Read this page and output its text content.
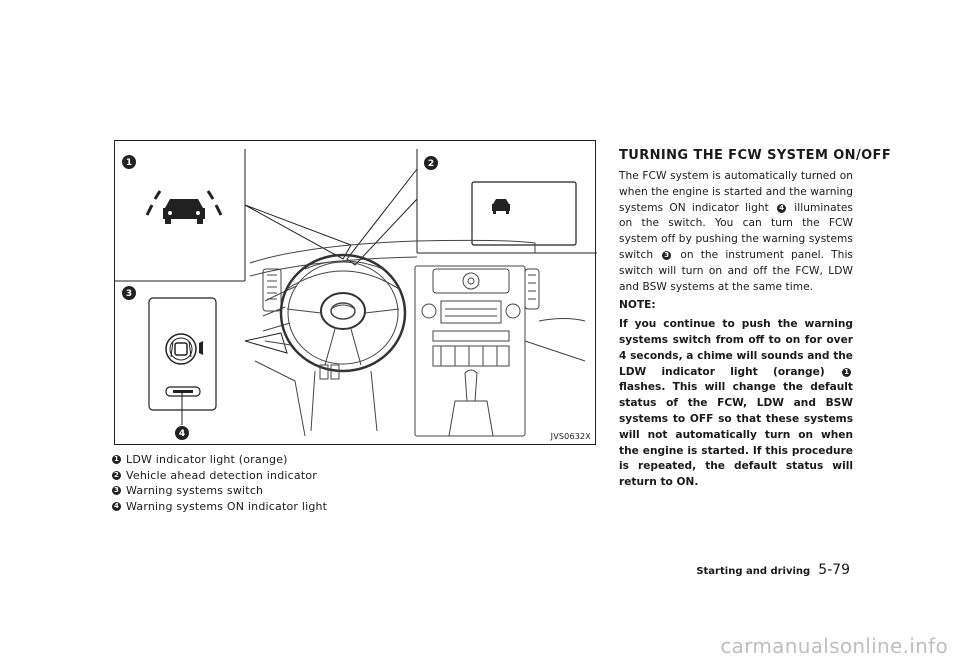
1	2
3
4	JVS0632X
1 LDW indicator light (orange)
2 Vehicle ahead detection indicator
3 Warning systems switch
4 Warning systems ON indicator light
TURNING THE FCW SYSTEM ON/OFF

The FCW system is automatically turned on when the engine is started and the warning systems ON indicator light 4 illuminates on the switch. You can turn the FCW system off by pushing the warning systems switch 3 on the instrument panel. This switch will turn on and off the FCW, LDW and BSW systems at the same time.

NOTE:

If you continue to push the warning systems switch from off to on for over 4 seconds, a chime will sounds and the LDW indicator light (orange)	1 flashes. This will change the default status of the FCW, LDW and BSW systems to OFF so that these systems will not automatically turn on when the engine is started. If this procedure is repeated, the default status will return to ON.

Starting and driving 5-79
carmanualsonline.info
